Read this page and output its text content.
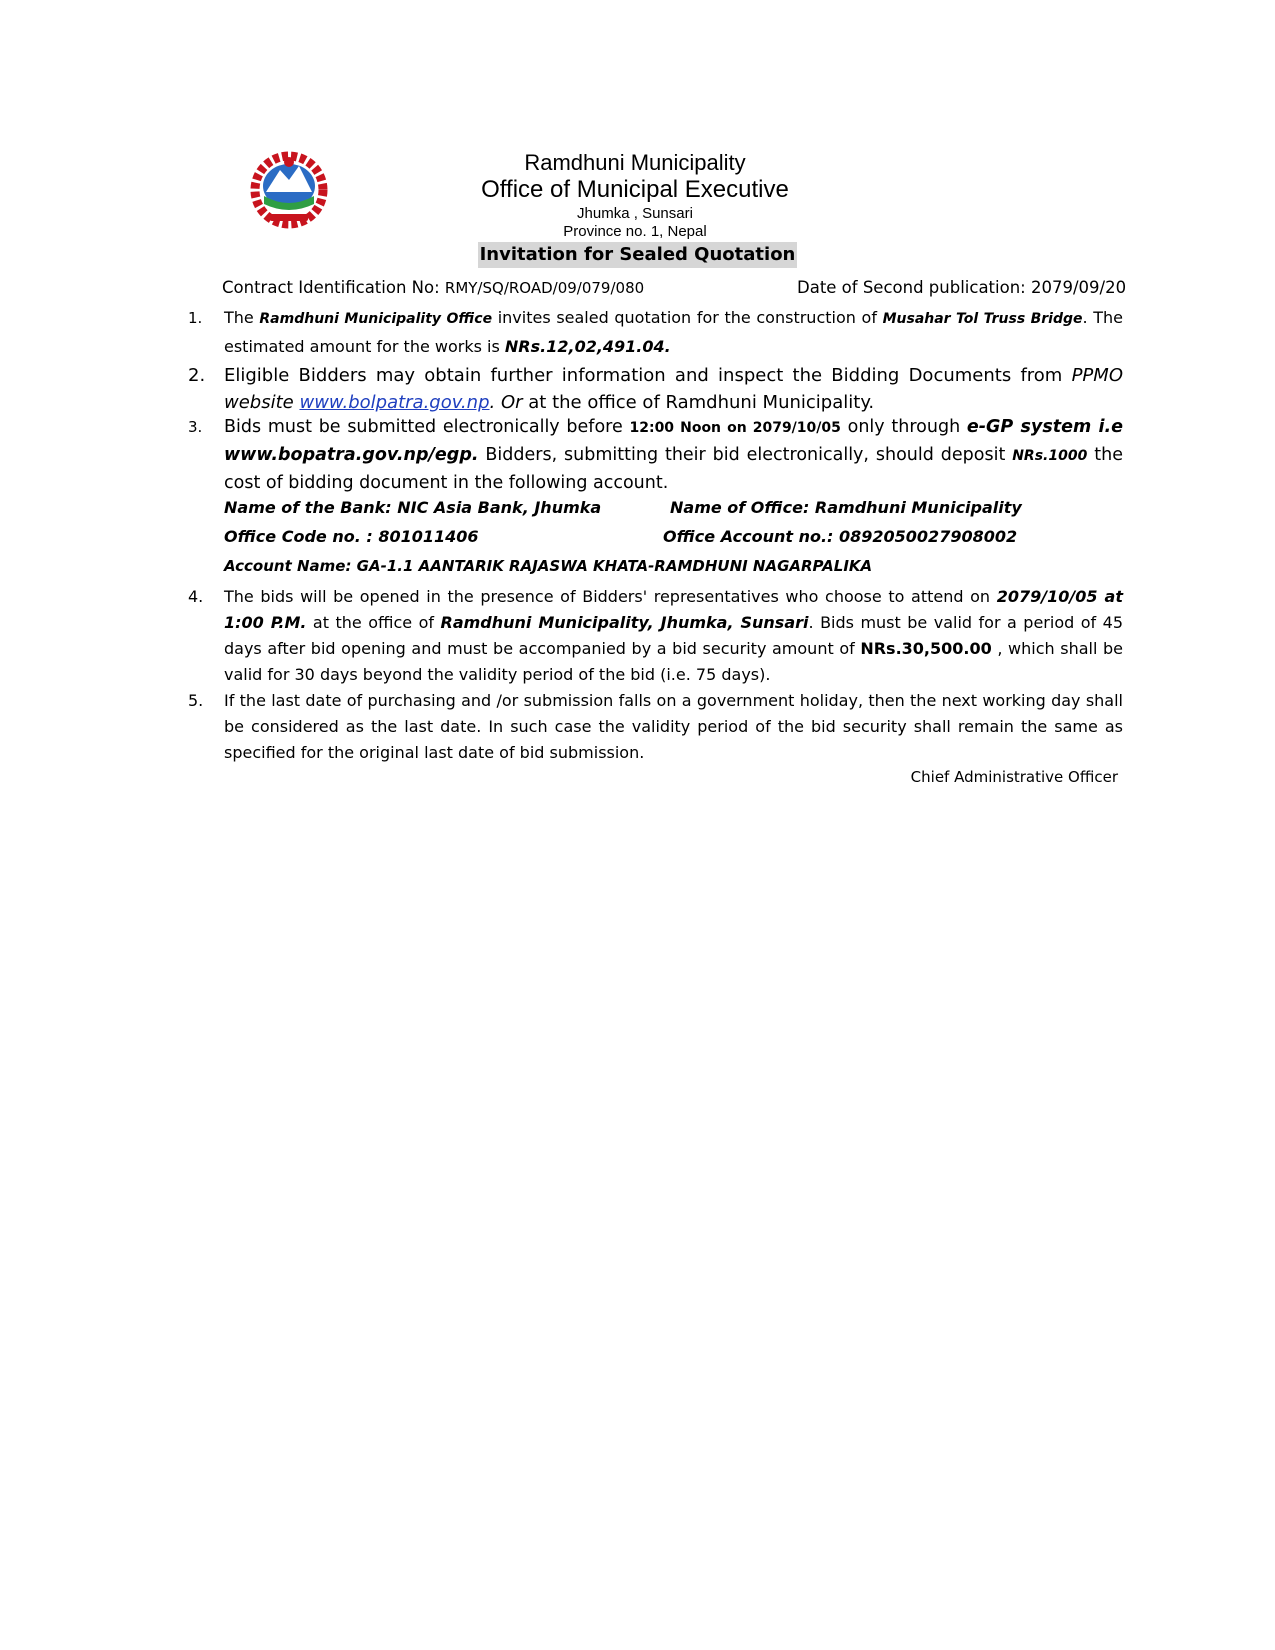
Ramdhuni Municipality
Office of Municipal Executive
Jhumka , Sunsari
Province no. 1, Nepal
Invitation for Sealed Quotation
Contract Identification No: RMY/SQ/ROAD/09/079/080	Date of Second publication: 2079/09/20
1.	The Ramdhuni Municipality Office invites sealed quotation for the construction of Musahar Tol Truss Bridge. The estimated amount for the works is NRs.12,02,491.04.
2.	Eligible Bidders may obtain further information and inspect the Bidding Documents from PPMO website www.bolpatra.gov.np. Or at the office of Ramdhuni Municipality.
3.	Bids must be submitted electronically before 12:00 Noon on 2079/10/05 only through e-GP system i.e www.bopatra.gov.np/egp. Bidders, submitting their bid electronically, should deposit NRs.1000 the cost of bidding document in the following account.
Name of the Bank: NIC Asia Bank, Jhumka	Name of Office: Ramdhuni Municipality
Office Code no. : 801011406	Office Account no.: 0892050027908002
Account Name: GA-1.1 AANTARIK RAJASWA KHATA-RAMDHUNI NAGARPALIKA
4.	The bids will be opened in the presence of Bidders' representatives who choose to attend on 2079/10/05 at 1:00 P.M. at the office of Ramdhuni Municipality, Jhumka, Sunsari. Bids must be valid for a period of 45 days after bid opening and must be accompanied by a bid security amount of NRs.30,500.00 , which shall be valid for 30 days beyond the validity period of the bid (i.e. 75 days).
5.	If the last date of purchasing and /or submission falls on a government holiday, then the next working day shall be considered as the last date. In such case the validity period of the bid security shall remain the same as specified for the original last date of bid submission.
Chief Administrative Officer
